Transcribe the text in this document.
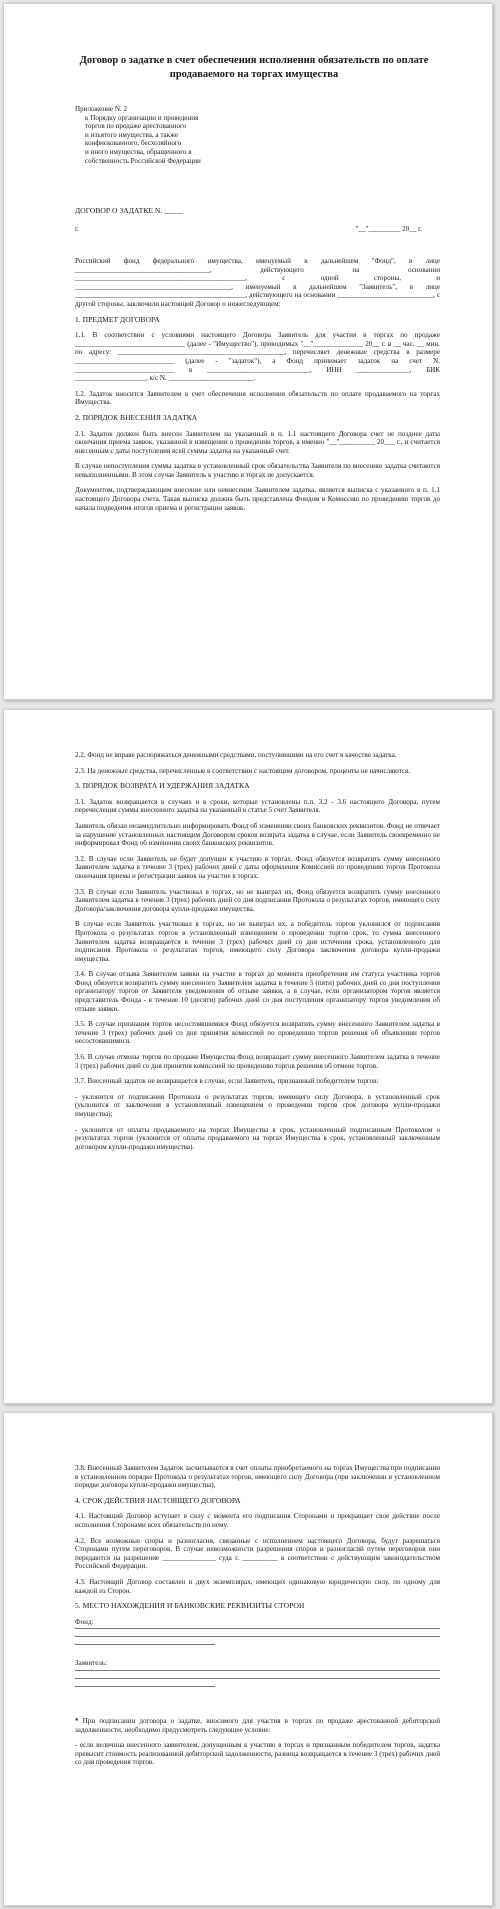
Договор о задатке в счет обеспечения исполнения обязательств по оплате продаваемого на торгах имущества
Приложение N. 2
к Порядку организации и проведения
торгов по продаже арестованного
и изъятого имущества, а также
конфискованного, бесхозяйного
и иного имущества, обращенного в
собственность Российской Федерации
ДОГОВОР О ЗАДАТКЕ N. _____
г.	"__"_________ 20__ г.

Российский фонд федерального имущества, именуемый в дальнейшем "Фонд", в лице ______________________________________, действующего на основании ________________________________________________, с одной стороны, и ____________________________________________, именуемый в дальнейшем "Заявитель", в лице ________________________________________________, действующего на основании ___________________________, с другой стороны, заключили настоящий Договор о нижеследующем:

1. ПРЕДМЕТ ДОГОВОРА

1.1. В соответствии с условиями настоящего Договора Заявитель для участия в торгах по продаже _______________________________ (далее - "Имущество"), проводимых "__"______________ 20__ г. в __ час. __ мин. по адресу: _______________________________________________, перечисляет денежные средства в размере ____________________________ (далее - "задаток"), а Фонд принимает задаток на счет N. ____________________________ в _____________________________, ИНН _______________, БИК ____________________, к/с N. ________________________.

1.2. Задаток вносится Заявителем в счет обеспечения исполнения обязательств по оплате продаваемого на торгах Имущества.

2. ПОРЯДОК ВНЕСЕНИЯ ЗАДАТКА

2.1. Задаток должен быть внесен Заявителем на указанный в п. 1.1 настоящего Договора счет не позднее даты окончания приема заявок, указанной в извещении о проведении торгов, а именно "__"__________ 20___ г., и считается внесенным с даты поступления всей суммы задатка на указанный счет.

В случае непоступления суммы задатка в установленный срок обязательства Заявителя по внесению задатка считаются невыполненными. В этом случае Заявитель к участию в торгах не допускается.

Документом, подтверждающим внесение или невнесение Заявителем задатка, является выписка с указанного в п. 1.1 настоящего Договора счета. Такая выписка должна быть представлена Фондом в Комиссию по проведению торгов до начала подведения итогов приема и регистрации заявок.

2.2. Фонд не вправе распоряжаться денежными средствами, поступившими на его счет в качестве задатка.

2.3. На денежные средства, перечисленные в соответствии с настоящим договором, проценты не начисляются.

3. ПОРЯДОК ВОЗВРАТА И УДЕРЖАНИЯ ЗАДАТКА

3.1. Задаток возвращается в случаях и в сроки, которые установлены п.п. 3.2 - 3.6 настоящего Договора, путем перечисления суммы внесенного задатка на указанный в статье 5 счет Заявителя.

Заявитель обязан незамедлительно информировать Фонд об изменении своих банковских реквизитов. Фонд не отвечает за нарушение установленных настоящим Договором сроков возврата задатка в случае, если Заявитель своевременно не информировал Фонд об изменении своих банковских реквизитов.

3.2. В случае если Заявитель не будет допущен к участию в торгах, Фонд обязуется возвратить сумму внесенного Заявителем задатка в течение 3 (трех) рабочих дней с даты оформления Комиссией по проведению торгов Протокола окончания приема и регистрации заявок на участие в торгах.

3.3. В случае если Заявитель участвовал в торгах, но не выиграл их, Фонд обязуется возвратить сумму внесенного Заявителем задатка в течение 3 (трех) рабочих дней со дня подписания Протокола о результатах торгов, имеющего силу Договора/заключения договора купли-продажи имущества.

В случае если Заявитель участвовал в торгах, но не выиграл их, а победитель торгов уклонился от подписания Протокола о результатах торгов в установленный извещением о проведении торгов срок, то сумма внесенного Заявителем задатка возвращается в течение 3 (трех) рабочих дней со дня истечения срока, установленного для подписания Протокола о результатах торгов, имеющего силу Договора заключения договора купли-продажи имущества.

3.4. В случае отзыва Заявителем заявки на участие в торгах до момента приобретения им статуса участника торгов Фонд обязуется возвратить сумму внесенного Заявителем задатка в течение 5 (пяти) рабочих дней со дня поступления организатору торгов от Заявителя уведомления об отзыве заявки, а в случае, если организатором торгов является представитель Фонда - в течение 10 (десяти) рабочих дней со дня поступления организатору торгов уведомления об отзыве заявки.

3.5. В случае признания торгов несостоявшимися Фонд обязуется возвратить сумму внесенного Заявителем задатка в течение 3 (трех) рабочих дней со дня принятия комиссией по проведению торгов решения об объявлении торгов несостоявшимися.

3.6. В случае отмены торгов по продаже Имущества Фонд возвращает сумму внесенного Заявителем задатка в течение 3 (трех) рабочих дней со дня принятия комиссией по проведению торгов решения об отмене торгов.

3.7. Внесенный задаток не возвращается в случае, если Заявитель, признанный победителем торгов:

- уклонится от подписания Протокола о результатах торгов, имеющего силу Договора, в установленный срок (уклонится от заключения в установленный извещением о проведении торгов срок договора купли-продажи имущества);

- уклонится от оплаты продаваемого на торгах Имущества в срок, установленный подписанным Протоколом о результатах торгов (уклонится от оплаты продаваемого на торгах Имущества в срок, установленный заключенным договором купли-продажи имущества).

3.8. Внесенный Заявителем Задаток засчитывается в счет оплаты приобретаемого на торгах Имущества при подписании в установленном порядке Протокола о результатах торгов, имеющего силу Договора (при заключении в установленном порядке договора купли-продажи имущества).

4. СРОК ДЕЙСТВИЯ НАСТОЯЩЕГО ДОГОВОРА

4.1. Настоящий Договор вступает в силу с момента его подписания Сторонами и прекращает свое действие после исполнения Сторонами всех обязательств по нему.

4.2. Все возможные споры и разногласия, связанные с исполнением настоящего Договора, будут разрешаться Сторонами путем переговоров. В случае невозможности разрешения споров и разногласий путем переговоров они передаются на разрешение _______________ суда г. __________ в соответствии с действующим законодательством Российской Федерации.

4.3. Настоящий Договор составлен в двух экземплярах, имеющих одинаковую юридическую силу, по одному для каждой из Сторон.

5. МЕСТО НАХОЖДЕНИЯ И БАНКОВСКИЕ РЕКВИЗИТЫ СТОРОН

Фонд:

Заявитель:

* При подписании договора о задатке, вносимого для участия в торгах по продаже арестованной дебиторской задолженности, необходимо предусмотреть следующее условие:

- если величина внесенного заявителем, допущенным к участию в торгах и признанным победителем торгов, задатка превысит стоимость реализованной дебиторской задолженности, разница возвращается в течение 3 (трех) рабочих дней со дня проведения торгов.
